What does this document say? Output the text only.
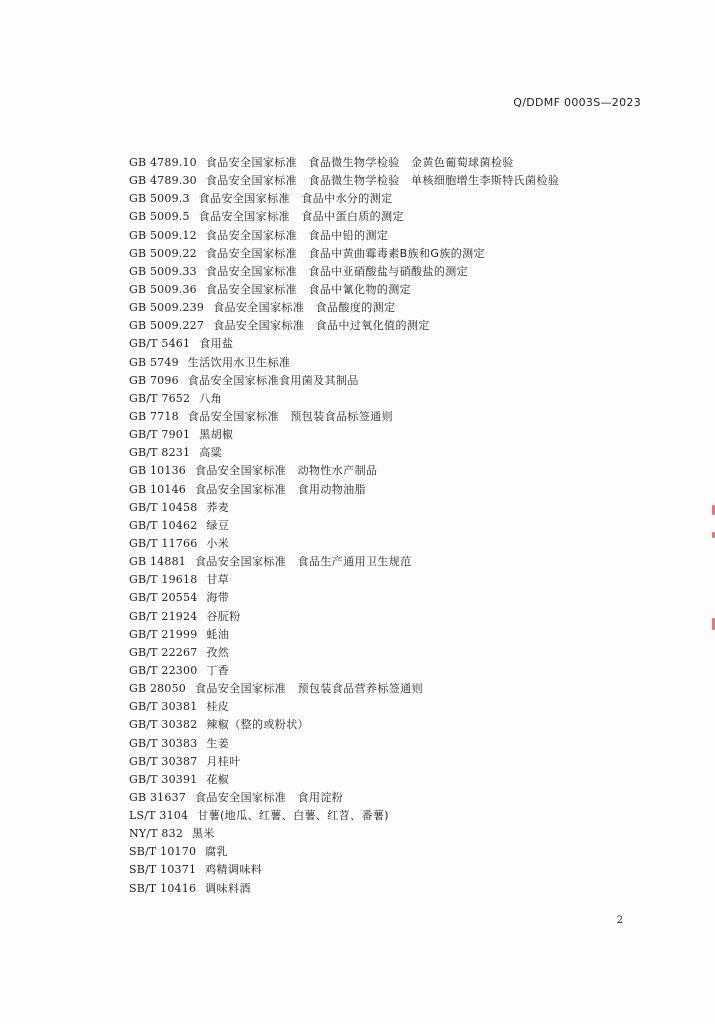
Q/DDMF 0003S—2023
GB 4789.10 食品安全国家标准　食品微生物学检验　金黄色葡萄球菌检验
GB 4789.30 食品安全国家标准　食品微生物学检验　单核细胞增生李斯特氏菌检验
GB 5009.3 食品安全国家标准　食品中水分的测定
GB 5009.5 食品安全国家标准　食品中蛋白质的测定
GB 5009.12 食品安全国家标准　食品中铅的测定
GB 5009.22 食品安全国家标准　食品中黄曲霉毒素B族和G族的测定
GB 5009.33 食品安全国家标准　食品中亚硝酸盐与硝酸盐的测定
GB 5009.36 食品安全国家标准　食品中氰化物的测定
GB 5009.239 食品安全国家标准　食品酸度的测定
GB 5009.227 食品安全国家标准　食品中过氧化值的测定
GB/T 5461 食用盐
GB 5749 生活饮用水卫生标准
GB 7096 食品安全国家标准食用菌及其制品
GB/T 7652 八角
GB 7718 食品安全国家标准　预包装食品标签通则
GB/T 7901 黑胡椒
GB/T 8231 高粱
GB 10136 食品安全国家标准　动物性水产制品
GB 10146 食品安全国家标准　食用动物油脂
GB/T 10458 荞麦
GB/T 10462 绿豆
GB/T 11766 小米
GB 14881 食品安全国家标准　食品生产通用卫生规范
GB/T 19618 甘草
GB/T 20554 海带
GB/T 21924 谷朊粉
GB/T 21999 蚝油
GB/T 22267 孜然
GB/T 22300 丁香
GB 28050 食品安全国家标准　预包装食品营养标签通则
GB/T 30381 桂皮
GB/T 30382 辣椒（整的或粉状）
GB/T 30383 生姜
GB/T 30387 月桂叶
GB/T 30391 花椒
GB 31637 食品安全国家标准　食用淀粉
LS/T 3104 甘薯(地瓜、红薯、白薯、红苕、番薯)
NY/T 832 黑米
SB/T 10170 腐乳
SB/T 10371 鸡精调味料
SB/T 10416 调味料酒
2
